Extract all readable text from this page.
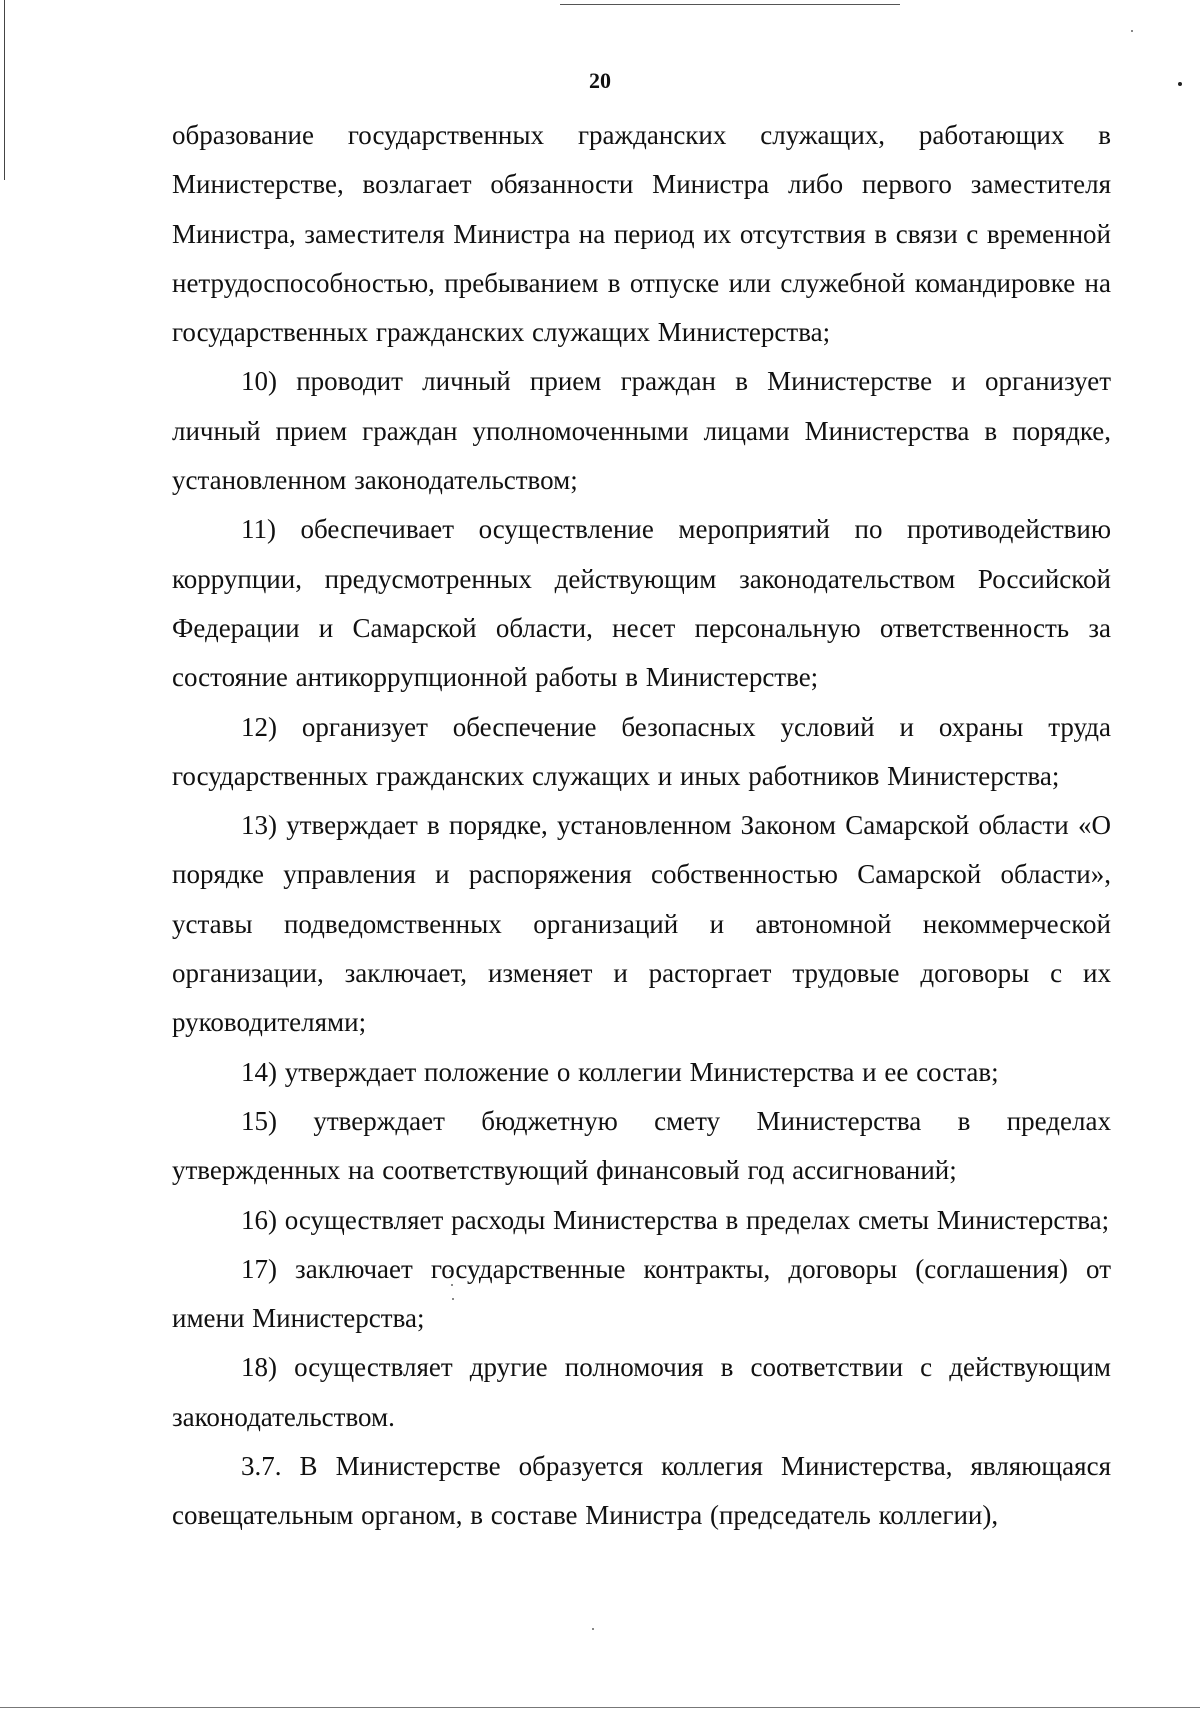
20

образование государственных гражданских служащих, работающих в Министерстве, возлагает обязанности Министра либо первого заместителя Министра, заместителя Министра на период их отсутствия в связи с временной нетрудоспособностью, пребыванием в отпуске или служебной командировке на государственных гражданских служащих Министерства;

10) проводит личный прием граждан в Министерстве и организует личный прием граждан уполномоченными лицами Министерства в порядке, установленном законодательством;

11) обеспечивает осуществление мероприятий по противодействию коррупции, предусмотренных действующим законодательством Российской Федерации и Самарской области, несет персональную ответственность за состояние антикоррупционной работы в Министерстве;

12) организует обеспечение безопасных условий и охраны труда государственных гражданских служащих и иных работников Министерства;

13) утверждает в порядке, установленном Законом Самарской области «О порядке управления и распоряжения собственностью Самарской области», уставы подведомственных организаций и автономной некоммерческой организации, заключает, изменяет и расторгает трудовые договоры с их руководителями;

14) утверждает положение о коллегии Министерства и ее состав;

15) утверждает бюджетную смету Министерства в пределах утвержденных на соответствующий финансовый год ассигнований;

16) осуществляет расходы Министерства в пределах сметы Министерства;

17) заключает государственные контракты, договоры (соглашения) от имени Министерства;

18) осуществляет другие полномочия в соответствии с действующим законодательством.

3.7. В Министерстве образуется коллегия Министерства, являющаяся совещательным органом, в составе Министра (председатель коллегии),
